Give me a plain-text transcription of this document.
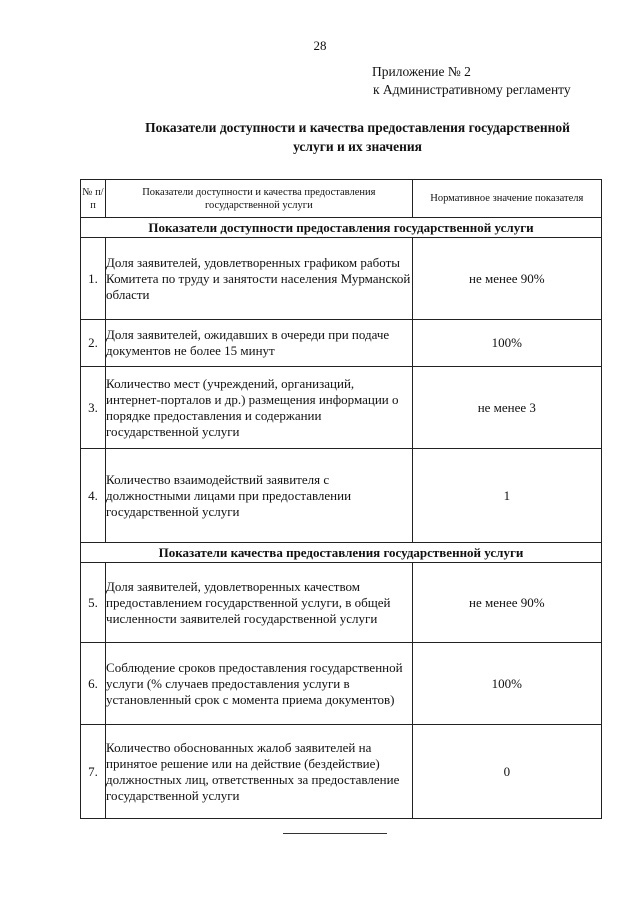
28
Приложение № 2
к Административному регламенту
Показатели доступности и качества предоставления государственной
услуги и их значения
№ п/п	Показатели доступности и качества предоставления государственной услуги	Нормативное значение показателя
Показатели доступности предоставления государственной услуги		
1.	Доля заявителей, удовлетворенных графиком работы Комитета по труду и занятости населения Мурманской области	не менее 90%
2.	Доля заявителей, ожидавших в очереди при подаче документов не более 15 минут	100%
3.	Количество мест (учреждений, организаций, интернет-порталов и др.) размещения информации о порядке предоставления и содержании государственной услуги	не менее 3
4.	Количество взаимодействий заявителя с должностными лицами при предоставлении государственной услуги	1
Показатели качества предоставления государственной услуги		
5.	Доля заявителей, удовлетворенных качеством предоставлением государственной услуги, в общей численности заявителей государственной услуги	не менее 90%
6.	Соблюдение сроков предоставления государственной услуги (% случаев предоставления услуги в установленный срок с момента приема документов)	100%
7.	Количество обоснованных жалоб заявителей на принятое решение или на действие (бездействие) должностных лиц, ответственных за предоставление государственной услуги	0
